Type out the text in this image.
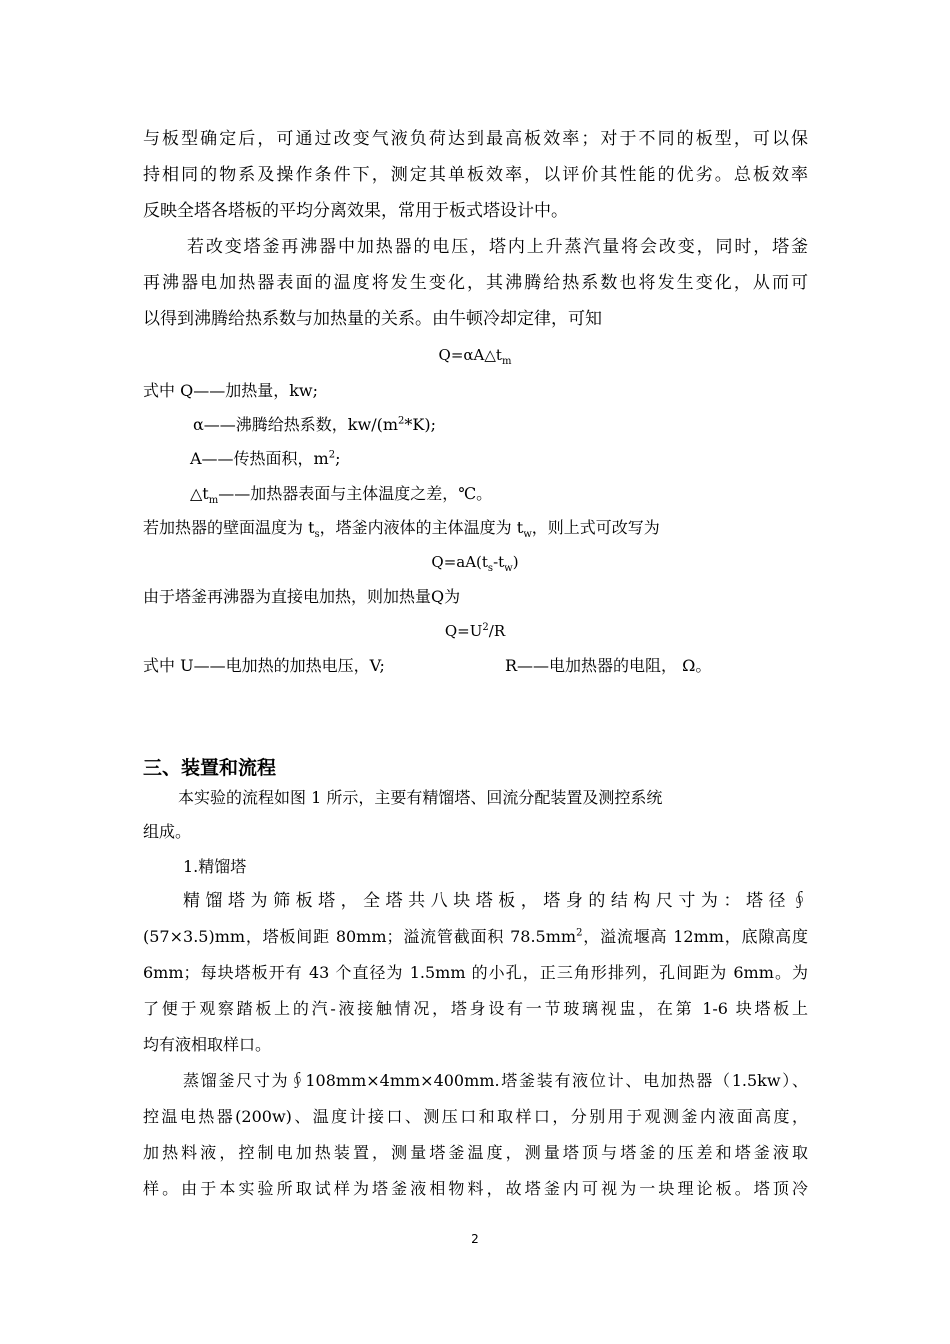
与板型确定后，可通过改变气液负荷达到最高板效率；对于不同的板型，可以保
持相同的物系及操作条件下，测定其单板效率，以评价其性能的优劣。总板效率
反映全塔各塔板的平均分离效果，常用于板式塔设计中。
若改变塔釜再沸器中加热器的电压，塔内上升蒸汽量将会改变，同时，塔釜
再沸器电加热器表面的温度将发生变化，其沸腾给热系数也将发生变化，从而可
以得到沸腾给热系数与加热量的关系。由牛顿冷却定律，可知
$Q=\alpha A\triangle t_m$
式中 Q——加热量，kw;
α——沸腾给热系数，$kw/(m^2*K)$;
A——传热面积，$m^2$;
$\triangle t_m——$加热器表面与主体温度之差，℃。
若加热器的壁面温度为 $t_s$，塔釜内液体的主体温度为 $t_w$，则上式可改写为
$Q=aA(t_s-t_w)$
由于塔釜再沸器为直接电加热，则加热量Q为
$Q=U^2/R$
式中 U——电加热的加热电压，V;	R——电加热器的电阻， Ω。
三、装置和流程
本实验的流程如图 1 所示，主要有精馏塔、回流分配装置及测控系统
组成。
1.精馏塔
精馏塔为筛板塔，全塔共八块塔板，塔身的结构尺寸为：塔径∮
(57×3.5)mm，塔板间距 80mm；溢流管截面积 $78.5mm^2$，溢流堰高 12mm，底隙高度
6mm；每块塔板开有 43 个直径为 1.5mm 的小孔，正三角形排列，孔间距为 6mm。为
了便于观察踏板上的汽-液接触情况，塔身设有一节玻璃视盅，在第 1-6 块塔板上
均有液相取样口。
蒸馏釜尺寸为∮108mm×4mm×400mm.塔釜装有液位计、电加热器（1.5kw）、
控温电热器(200w)、温度计接口、测压口和取样口，分别用于观测釜内液面高度，
加热料液，控制电加热装置，测量塔釜温度，测量塔顶与塔釜的压差和塔釜液取
样。由于本实验所取试样为塔釜液相物料，故塔釜内可视为一块理论板。塔顶冷
2
